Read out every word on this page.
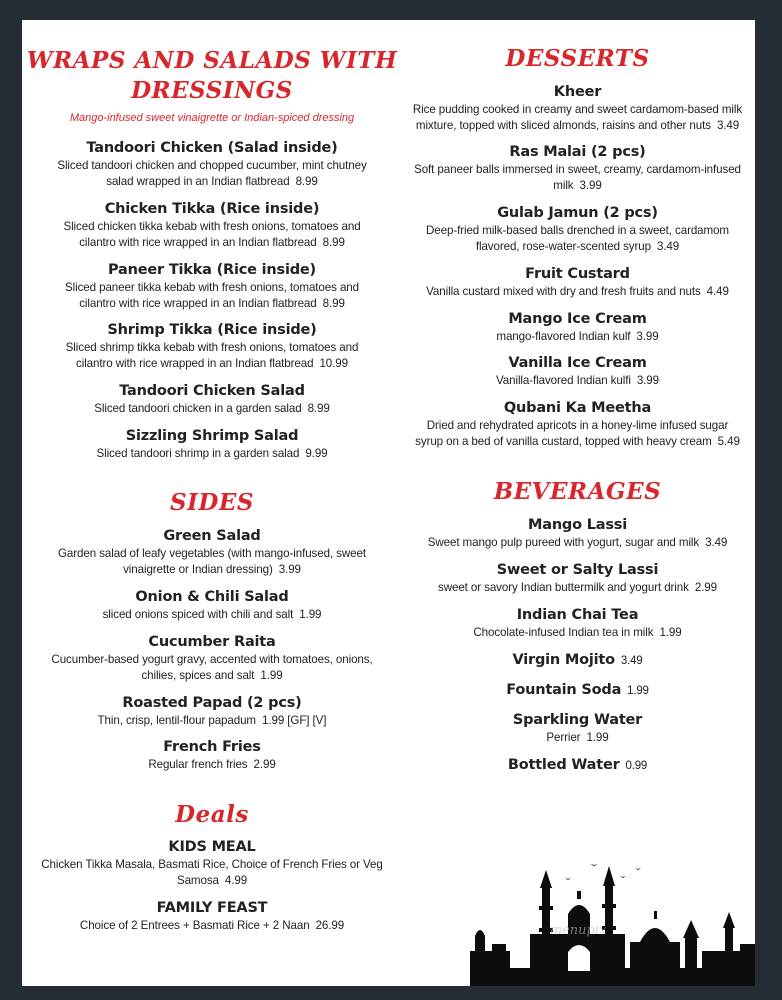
WRAPS AND SALADS WITH
DRESSINGS
Mango-infused sweet vinaigrette or Indian-spiced dressing
Tandoori Chicken (Salad inside)
Sliced tandoori chicken and chopped cucumber, mint chutney
salad wrapped in an Indian flatbread 8.99
Chicken Tikka (Rice inside)
Sliced chicken tikka kebab with fresh onions, tomatoes and
cilantro with rice wrapped in an Indian flatbread 8.99
Paneer Tikka (Rice inside)
Sliced paneer tikka kebab with fresh onions, tomatoes and
cilantro with rice wrapped in an Indian flatbread 8.99
Shrimp Tikka (Rice inside)
Sliced shrimp tikka kebab with fresh onions, tomatoes and
cilantro with rice wrapped in an Indian flatbread 10.99
Tandoori Chicken Salad
Sliced tandoori chicken in a garden salad 8.99
Sizzling Shrimp Salad
Sliced tandoori shrimp in a garden salad 9.99
SIDES
Green Salad
Garden salad of leafy vegetables (with mango-infused, sweet
vinaigrette or Indian dressing) 3.99
Onion & Chili Salad
sliced onions spiced with chili and salt 1.99
Cucumber Raita
Cucumber-based yogurt gravy, accented with tomatoes, onions,
chilies, spices and salt 1.99
Roasted Papad (2 pcs)
Thin, crisp, lentil-flour papadum 1.99 [GF] [V]
French Fries
Regular french fries 2.99
Deals
KIDS MEAL
Chicken Tikka Masala, Basmati Rice, Choice of French Fries or Veg
Samosa 4.99
FAMILY FEAST
Choice of 2 Entrees + Basmati Rice + 2 Naan 26.99
DESSERTS
Kheer
Rice pudding cooked in creamy and sweet cardamom-based milk
mixture, topped with sliced almonds, raisins and other nuts 3.49
Ras Malai (2 pcs)
Soft paneer balls immersed in sweet, creamy, cardamom-infused
milk 3.99
Gulab Jamun (2 pcs)
Deep-fried milk-based balls drenched in a sweet, cardamom
flavored, rose-water-scented syrup 3.49
Fruit Custard
Vanilla custard mixed with dry and fresh fruits and nuts 4.49
Mango Ice Cream
mango-flavored Indian kulf 3.99
Vanilla Ice Cream
Vanilla-flavored Indian kulfi 3.99
Qubani Ka Meetha
Dried and rehydrated apricots in a honey-lime infused sugar
syrup on a bed of vanilla custard, topped with heavy cream 5.49
BEVERAGES
Mango Lassi
Sweet mango pulp pureed with yogurt, sugar and milk 3.49
Sweet or Salty Lassi
sweet or savory Indian buttermilk and yogurt drink 2.99
Indian Chai Tea
Chocolate-infused Indian tea in milk 1.99
Virgin Mojito 3.49
Fountain Soda 1.99
Sparkling Water
Perrier 1.99
Bottled Water 0.99
menupix
